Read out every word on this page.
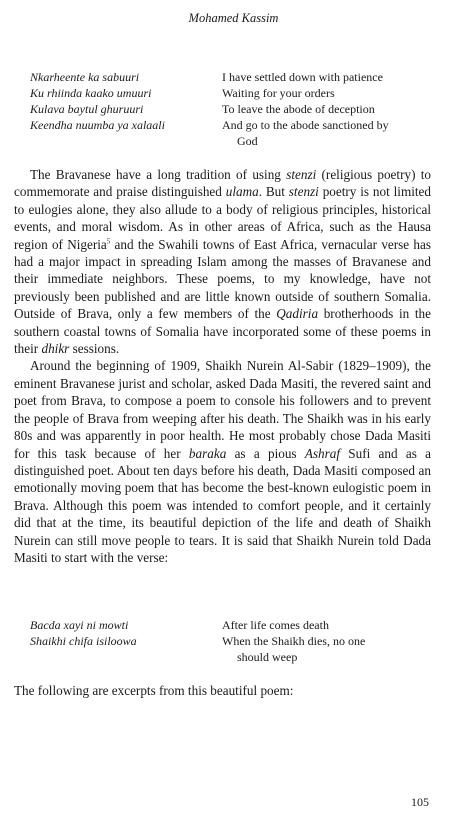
Mohamed Kassim
Nkarheente ka sabuuri	I have settled down with patience
Ku rhiinda kaako umuuri	Waiting for your orders
Kulava baytul ghuruuri	To leave the abode of deception
Keendha nuumba ya xalaali	And go to the abode sanctioned by
God

The Bravanese have a long tradition of using stenzi (religious poetry) to commemorate and praise distinguished ulama. But stenzi poetry is not limited to eulogies alone, they also allude to a body of religious principles, historical events, and moral wisdom. As in other areas of Africa, such as the Hausa region of Nigeria$^5$ and the Swahili towns of East Africa, vernacular verse has had a major impact in spreading Islam among the masses of Bravanese and their immediate neighbors. These poems, to my knowledge, have not previously been published and are little known outside of southern Somalia. Outside of Brava, only a few members of the Qadiria brotherhoods in the southern coastal towns of Somalia have incorporated some of these poems in their dhikr sessions.

Around the beginning of 1909, Shaikh Nurein Al-Sabir (1829–1909), the eminent Bravanese jurist and scholar, asked Dada Masiti, the revered saint and poet from Brava, to compose a poem to console his followers and to prevent the people of Brava from weeping after his death. The Shaikh was in his early 80s and was apparently in poor health. He most probably chose Dada Masiti for this task because of her baraka as a pious Ashraf Sufi and as a distinguished poet. About ten days before his death, Dada Masiti composed an emotionally moving poem that has become the best-known eulogistic poem in Brava. Although this poem was intended to comfort people, and it certainly did that at the time, its beautiful depiction of the life and death of Shaikh Nurein can still move people to tears. It is said that Shaikh Nurein told Dada Masiti to start with the verse:

Bacda xayi ni mowti	After life comes death
Shaikhi chifa isiloowa	When the Shaikh dies, no one
should weep
The following are excerpts from this beautiful poem:
105
